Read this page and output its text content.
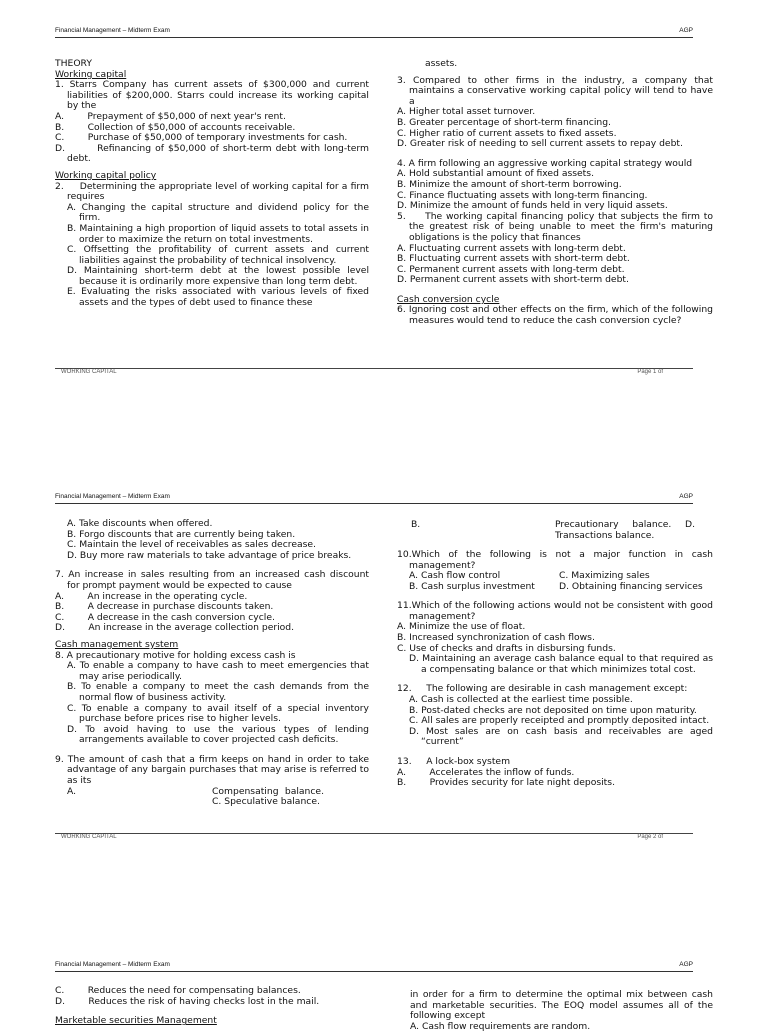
Financial Management – Midterm Exam	AGP

THEORY

Working capital

1. Starrs Company has current assets of $300,000 and current liabilities of $200,000. Starrs could increase its working capital by the

A.        Prepayment of $50,000 of next year's rent.

B.        Collection of $50,000 of accounts receivable.

C.        Purchase of $50,000 of temporary investments for cash.

D.        Refinancing of $50,000 of short-term debt with long-term debt.

Working capital policy

2.     Determining the appropriate level of working capital for a firm requires

A. Changing the capital structure and dividend policy for the firm.

B. Maintaining a high proportion of liquid assets to total assets in order to maximize the return on total investments.

C. Offsetting the profitability of current assets and current liabilities against the probability of technical insolvency.

D. Maintaining short-term debt at the lowest possible level because it is ordinarily more expensive than long term debt.

E. Evaluating the risks associated with various levels of fixed assets and the types of debt used to finance these

assets.

3. Compared to other firms in the industry, a company that maintains a conservative working capital policy will tend to have a

A. Higher total asset turnover.

B. Greater percentage of short-term financing.

C. Higher ratio of current assets to fixed assets.

D. Greater risk of needing to sell current assets to repay debt.

4. A firm following an aggressive working capital strategy would

A. Hold substantial amount of fixed assets.

B. Minimize the amount of short-term borrowing.

C. Finance fluctuating assets with long-term financing.

D. Minimize the amount of funds held in very liquid assets.

5.     The working capital financing policy that subjects the firm to the greatest risk of being unable to meet the firm's maturing obligations is the policy that finances

A. Fluctuating current assets with long-term debt.

B. Fluctuating current assets with short-term debt.

C. Permanent current assets with long-term debt.

D. Permanent current assets with short-term debt.

Cash conversion cycle

6. Ignoring cost and other effects on the firm, which of the following measures would tend to reduce the cash conversion cycle?

WORKING CAPITAL	Page 1 of
Financial Management – Midterm Exam	AGP

A. Take discounts when offered.

B. Forgo discounts that are currently being taken.

C. Maintain the level of receivables as sales decrease.

D. Buy more raw materials to take advantage of price breaks.

7. An increase in sales resulting from an increased cash discount for prompt payment would be expected to cause

A.        An increase in the operating cycle.

B.        A decrease in purchase discounts taken.

C.        A decrease in the cash conversion cycle.

D.        An increase in the average collection period.

Cash management system

8. A precautionary motive for holding excess cash is

A. To enable a company to have cash to meet emergencies that may arise periodically.

B. To enable a company to meet the cash demands from the normal flow of business activity.

C. To enable a company to avail itself of a special inventory purchase before prices rise to higher levels.

D. To avoid having to use the various types of lending arrangements available to cover projected cash deficits.

9. The amount of cash that a firm keeps on hand in order to take advantage of any bargain purchases that may arise is referred to as its

A.	Compensating balance. C. Speculative balance.
B.	Precautionary balance. D. Transactions balance.

10.Which of the following is not a major function in cash management?

A. Cash flow control	C. Maximizing sales
B. Cash surplus investment	D. Obtaining financing services

11.Which of the following actions would not be consistent with good management?

A. Minimize the use of float.

B. Increased synchronization of cash flows.

C. Use of checks and drafts in disbursing funds.

D. Maintaining an average cash balance equal to that required as a compensating balance or that which minimizes total cost.

12.     The following are desirable in cash management except:

A. Cash is collected at the earliest time possible.

B. Post-dated checks are not deposited on time upon maturity.

C. All sales are properly receipted and promptly deposited intact.

D. Most sales are on cash basis and receivables are aged “current”

13.     A lock-box system

A.        Accelerates the inflow of funds.

B.        Provides security for late night deposits.

WORKING CAPITAL	Page 2 of
Financial Management – Midterm Exam	AGP

C.        Reduces the need for compensating balances.

D.        Reduces the risk of having checks lost in the mail.

Marketable securities Management

in order for a firm to determine the optimal mix between cash and marketable securities. The EOQ model assumes all of the following except

A. Cash flow requirements are random.
